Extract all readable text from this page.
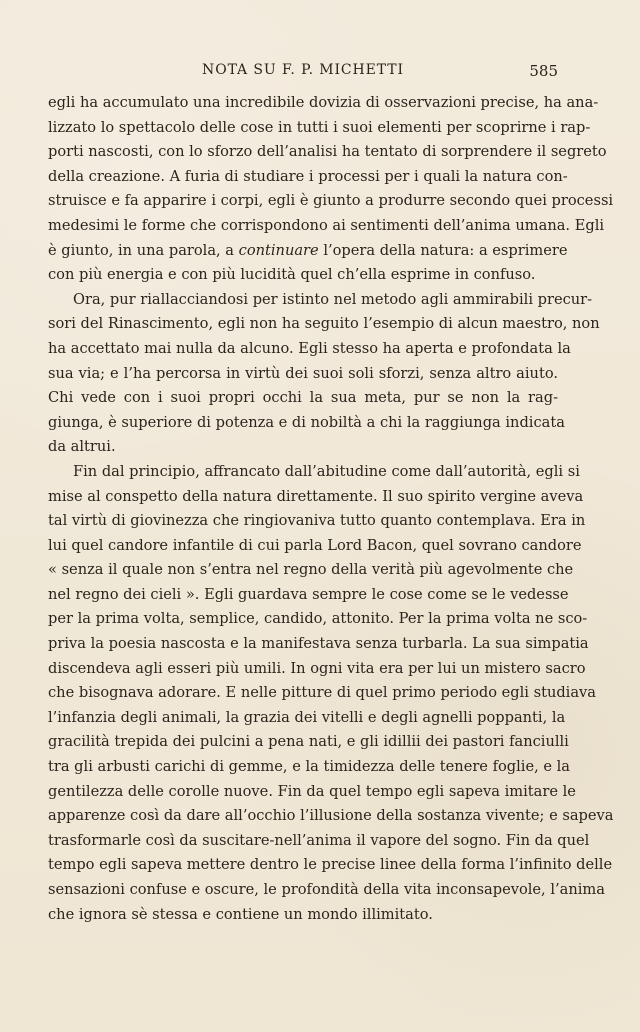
NOTA SU F. P. MICHETTI	585
egli ha accumulato una incredibile dovizia di osservazioni precise, ha ana-
lizzato lo spettacolo delle cose in tutti i suoi elementi per scoprirne i rap-
porti nascosti, con lo sforzo dell’analisi ha tentato di sorprendere il segreto
della creazione. A furia di studiare i processi per i quali la natura con-
struisce e fa apparire i corpi, egli è giunto a produrre secondo quei processi
medesimi le forme che corrispondono ai sentimenti dell’anima umana. Egli
è giunto, in una parola, a continuare l’opera della natura: a esprimere
con più energia e con più lucidità quel ch’ella esprime in confuso.
Ora, pur riallacciandosi per istinto nel metodo agli ammirabili precur-
sori del Rinascimento, egli non ha seguito l’esempio di alcun maestro, non
ha accettato mai nulla da alcuno. Egli stesso ha aperta e profondata la
sua via; e l’ha percorsa in virtù dei suoi soli sforzi, senza altro aiuto.
Chi vede con i suoi propri occhi la sua meta, pur se non la rag-
giunga, è superiore di potenza e di nobiltà a chi la raggiunga indicata
da altrui.
Fin dal principio, affrancato dall’abitudine come dall’autorità, egli si
mise al conspetto della natura direttamente. Il suo spirito vergine aveva
tal virtù di giovinezza che ringiovaniva tutto quanto contemplava. Era in
lui quel candore infantile di cui parla Lord Bacon, quel sovrano candore
« senza il quale non s’entra nel regno della verità più agevolmente che
nel regno dei cieli ». Egli guardava sempre le cose come se le vedesse
per la prima volta, semplice, candido, attonito. Per la prima volta ne sco-
priva la poesia nascosta e la manifestava senza turbarla. La sua simpatia
discendeva agli esseri più umili. In ogni vita era per lui un mistero sacro
che bisognava adorare. E nelle pitture di quel primo periodo egli studiava
l’infanzia degli animali, la grazia dei vitelli e degli agnelli poppanti, la
gracilità trepida dei pulcini a pena nati, e gli idillii dei pastori fanciulli
tra gli arbusti carichi di gemme, e la timidezza delle tenere foglie, e la
gentilezza delle corolle nuove. Fin da quel tempo egli sapeva imitare le
apparenze così da dare all’occhio l’illusione della sostanza vivente; e sapeva
trasformarle così da suscitare-nell’anima il vapore del sogno. Fin da quel
tempo egli sapeva mettere dentro le precise linee della forma l’infinito delle
sensazioni confuse e oscure, le profondità della vita inconsapevole, l’anima
che ignora sè stessa e contiene un mondo illimitato.
